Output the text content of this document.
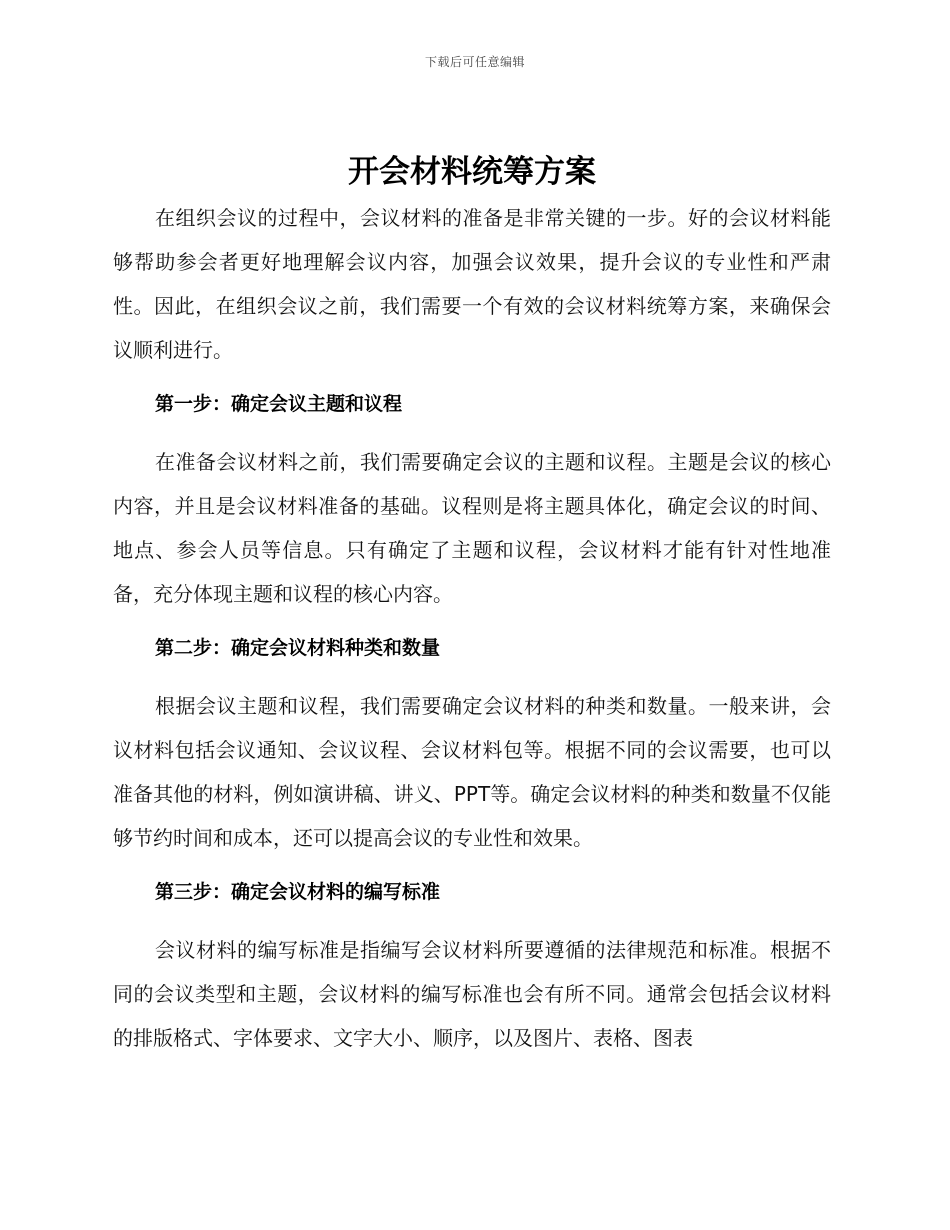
下载后可任意编辑
开会材料统筹方案

在组织会议的过程中，会议材料的准备是非常关键的一步。好的会议材料能够帮助参会者更好地理解会议内容，加强会议效果，提升会议的专业性和严肃性。因此，在组织会议之前，我们需要一个有效的会议材料统筹方案，来确保会议顺利进行。

第一步：确定会议主题和议程

在准备会议材料之前，我们需要确定会议的主题和议程。主题是会议的核心内容，并且是会议材料准备的基础。议程则是将主题具体化，确定会议的时间、地点、参会人员等信息。只有确定了主题和议程，会议材料才能有针对性地准备，充分体现主题和议程的核心内容。

第二步：确定会议材料种类和数量

根据会议主题和议程，我们需要确定会议材料的种类和数量。一般来讲，会议材料包括会议通知、会议议程、会议材料包等。根据不同的会议需要，也可以准备其他的材料，例如演讲稿、讲义、PPT等。确定会议材料的种类和数量不仅能够节约时间和成本，还可以提高会议的专业性和效果。

第三步：确定会议材料的编写标准

会议材料的编写标准是指编写会议材料所要遵循的法律规范和标准。根据不同的会议类型和主题，会议材料的编写标准也会有所不同。通常会包括会议材料的排版格式、字体要求、文字大小、顺序，以及图片、表格、图表
